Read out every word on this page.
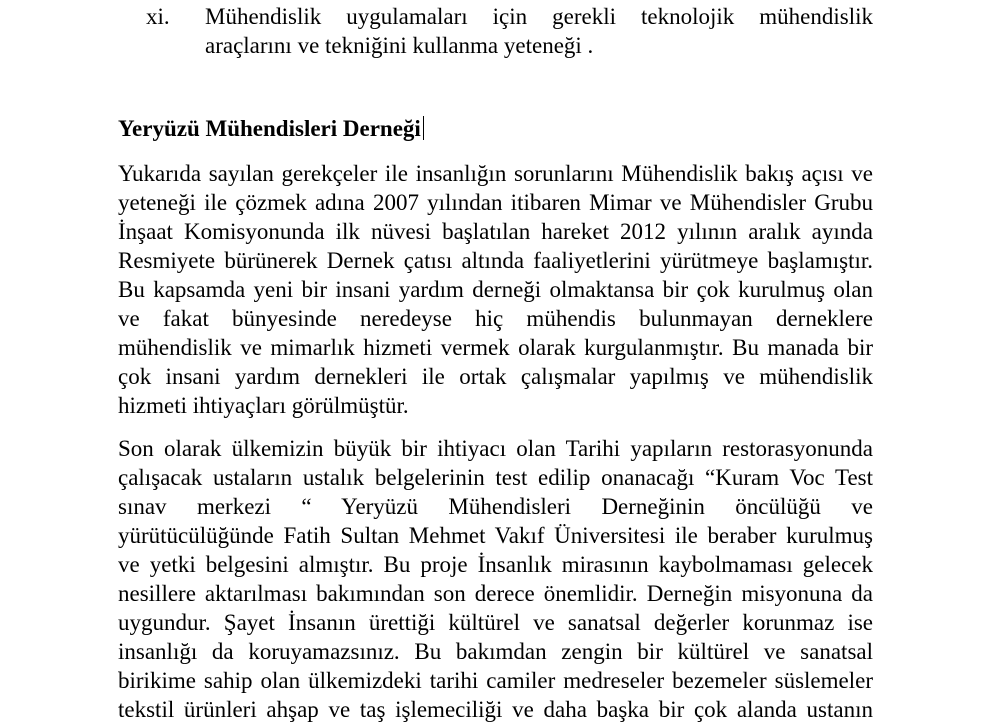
xi. Mühendislik uygulamaları için gerekli teknolojik mühendislik
araçlarını ve tekniğini kullanma yeteneği .
Yeryüzü Mühendisleri Derneği
Yukarıda sayılan gerekçeler ile insanlığın sorunlarını Mühendislik bakış açısı ve
yeteneği ile çözmek adına 2007 yılından itibaren Mimar ve Mühendisler Grubu
İnşaat Komisyonunda ilk nüvesi başlatılan hareket 2012 yılının aralık ayında
Resmiyete bürünerek Dernek çatısı altında faaliyetlerini yürütmeye başlamıştır.
Bu kapsamda yeni bir insani yardım derneği olmaktansa bir çok kurulmuş olan
ve fakat bünyesinde neredeyse hiç mühendis bulunmayan derneklere
mühendislik ve mimarlık hizmeti vermek olarak kurgulanmıştır. Bu manada bir
çok insani yardım dernekleri ile ortak çalışmalar yapılmış ve mühendislik
hizmeti ihtiyaçları görülmüştür.
Son olarak ülkemizin büyük bir ihtiyacı olan Tarihi yapıların restorasyonunda
çalışacak ustaların ustalık belgelerinin test edilip onanacağı “Kuram Voc Test
sınav merkezi “ Yeryüzü Mühendisleri Derneğinin öncülüğü ve
yürütücülüğünde Fatih Sultan Mehmet Vakıf Üniversitesi ile beraber kurulmuş
ve yetki belgesini almıştır. Bu proje İnsanlık mirasının kaybolmaması gelecek
nesillere aktarılması bakımından son derece önemlidir. Derneğin misyonuna da
uygundur. Şayet İnsanın ürettiği kültürel ve sanatsal değerler korunmaz ise
insanlığı da koruyamazsınız. Bu bakımdan zengin bir kültürel ve sanatsal
birikime sahip olan ülkemizdeki tarihi camiler medreseler bezemeler süslemeler
tekstil ürünleri ahşap ve taş işlemeciliği ve daha başka bir çok alanda ustanın
